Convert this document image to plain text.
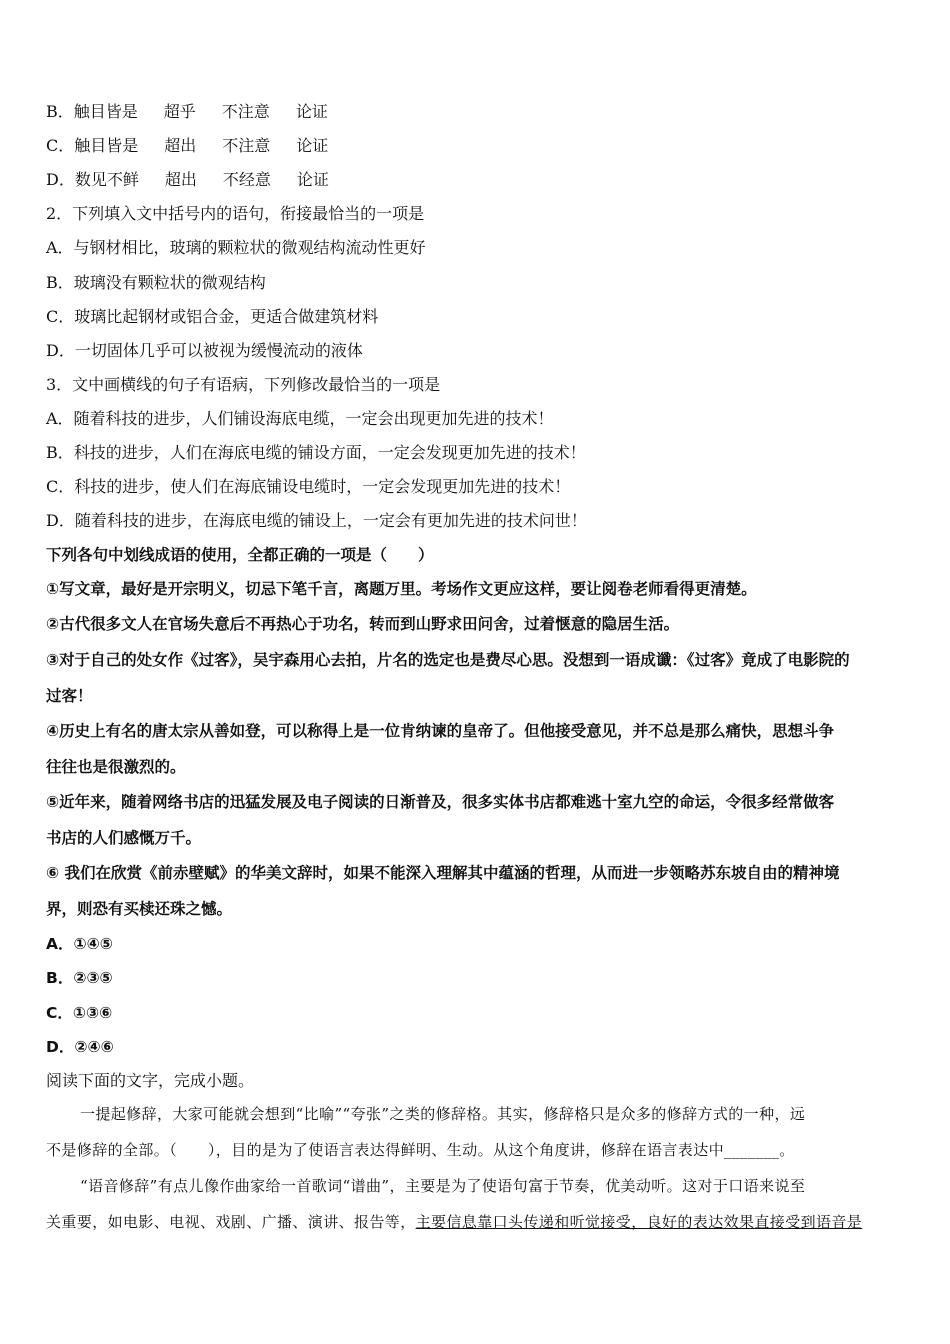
B．触目皆是 超乎 不注意 论证
C．触目皆是 超出 不注意 论证
D．数见不鲜 超出 不经意 论证
2．下列填入文中括号内的语句，衔接最恰当的一项是
A．与钢材相比，玻璃的颗粒状的微观结构流动性更好
B．玻璃没有颗粒状的微观结构
C．玻璃比起钢材或铝合金，更适合做建筑材料
D．一切固体几乎可以被视为缓慢流动的液体
3．文中画横线的句子有语病，下列修改最恰当的一项是
A．随着科技的进步，人们铺设海底电缆，一定会出现更加先进的技术！
B．科技的进步，人们在海底电缆的铺设方面，一定会发现更加先进的技术！
C．科技的进步，使人们在海底铺设电缆时，一定会发现更加先进的技术！
D．随着科技的进步，在海底电缆的铺设上，一定会有更加先进的技术问世！
下列各句中划线成语的使用，全都正确的一项是（　　）
①写文章，最好是开宗明义，切忌下笔千言，离题万里。考场作文更应这样，要让阅卷老师看得更清楚。
②古代很多文人在官场失意后不再热心于功名，转而到山野求田问舍，过着惬意的隐居生活。
③对于自己的处女作《过客》，吴宇森用心去拍，片名的选定也是费尽心思。没想到一语成谶：《过客》竟成了电影院的
过客！
④历史上有名的唐太宗从善如登，可以称得上是一位肯纳谏的皇帝了。但他接受意见，并不总是那么痛快，思想斗争
往往也是很激烈的。
⑤近年来，随着网络书店的迅猛发展及电子阅读的日渐普及，很多实体书店都难逃十室九空的命运，令很多经常做客
书店的人们感慨万千。
⑥ 我们在欣赏《前赤壁赋》的华美文辞时，如果不能深入理解其中蕴涵的哲理，从而进一步领略苏东坡自由的精神境
界，则恐有买椟还珠之憾。
A．①④⑤
B．②③⑤
C．①③⑥
D．②④⑥
阅读下面的文字，完成小题。
一提起修辞，大家可能就会想到“比喻”“夸张”之类的修辞格。其实，修辞格只是众多的修辞方式的一种，远
不是修辞的全部。（　　），目的是为了使语言表达得鲜明、生动。从这个角度讲，修辞在语言表达中_______。
“语音修辞”有点儿像作曲家给一首歌词“谱曲”，主要是为了使语句富于节奏，优美动听。这对于口语来说至
关重要，如电影、电视、戏剧、广播、演讲、报告等，主要信息靠口头传递和听觉接受，良好的表达效果直接受到语音是
